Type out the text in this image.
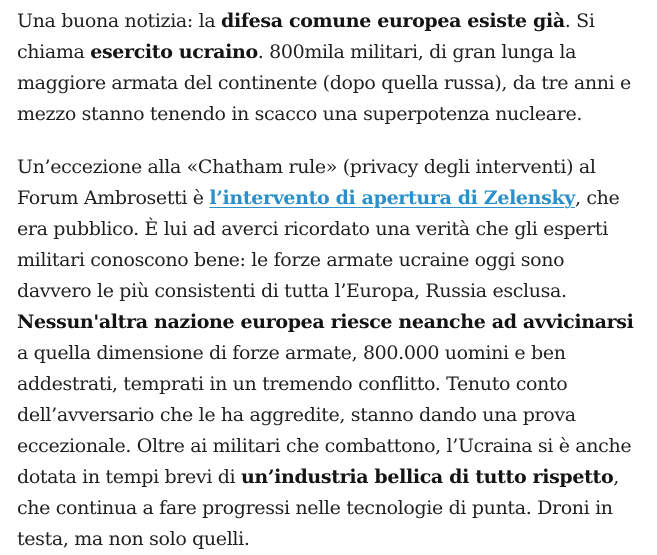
Una buona notizia: la difesa comune europea esiste già. Si chiama esercito ucraino. 800mila militari, di gran lunga la maggiore armata del continente (dopo quella russa), da tre anni e mezzo stanno tenendo in scacco una superpotenza nucleare.

Un’eccezione alla «Chatham rule» (privacy degli interventi) al Forum Ambrosetti è l’intervento di apertura di Zelensky, che era pubblico. È lui ad averci ricordato una verità che gli esperti militari conoscono bene: le forze armate ucraine oggi sono davvero le più consistenti di tutta l’Europa, Russia esclusa. Nessun'altra nazione europea riesce neanche ad avvicinarsi a quella dimensione di forze armate, 800.000 uomini e ben addestrati, temprati in un tremendo conflitto. Tenuto conto dell’avversario che le ha aggredite, stanno dando una prova eccezionale. Oltre ai militari che combattono, l’Ucraina si è anche dotata in tempi brevi di un’industria bellica di tutto rispetto, che continua a fare progressi nelle tecnologie di punta. Droni in testa, ma non solo quelli.
